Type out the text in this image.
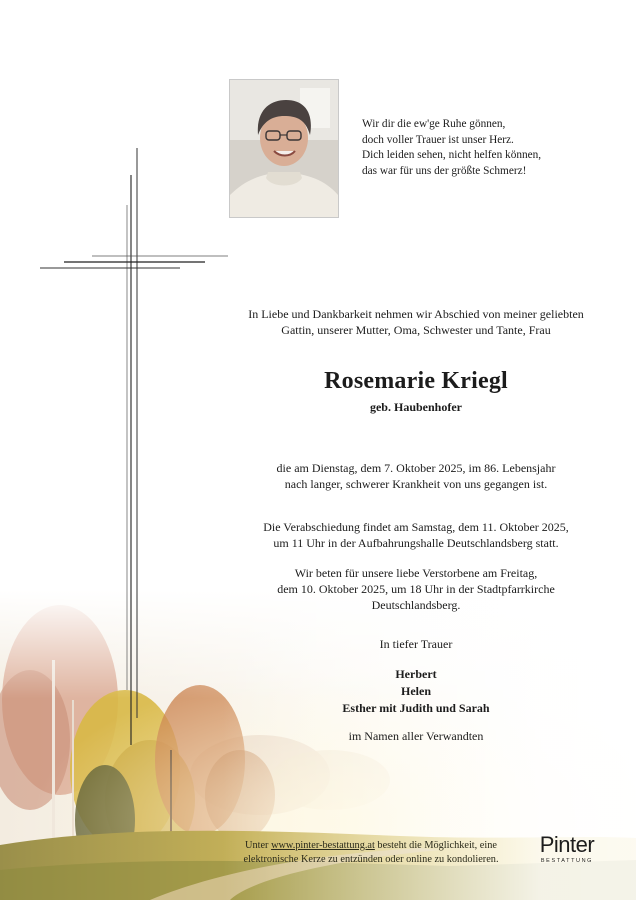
Wir dir die ew'ge Ruhe gönnen,
doch voller Trauer ist unser Herz.
Dich leiden sehen, nicht helfen können,
das war für uns der größte Schmerz!
In Liebe und Dankbarkeit nehmen wir Abschied von meiner geliebten
Gattin, unserer Mutter, Oma, Schwester und Tante, Frau
Rosemarie Kriegl
geb. Haubenhofer
die am Dienstag, dem 7. Oktober 2025, im 86. Lebensjahr
nach langer, schwerer Krankheit von uns gegangen ist.
Die Verabschiedung findet am Samstag, dem 11. Oktober 2025,
um 11 Uhr in der Aufbahrungshalle Deutschlandsberg statt.
Wir beten für unsere liebe Verstorbene am Freitag,
dem 10. Oktober 2025, um 18 Uhr in der Stadtpfarrkirche
Deutschlandsberg.
In tiefer Trauer
Herbert
Helen
Esther mit Judith und Sarah
im Namen aller Verwandten
Unter www.pinter-bestattung.at besteht die Möglichkeit, eine
elektronische Kerze zu entzünden oder online zu kondolieren.
Pinter
BESTATTUNG
